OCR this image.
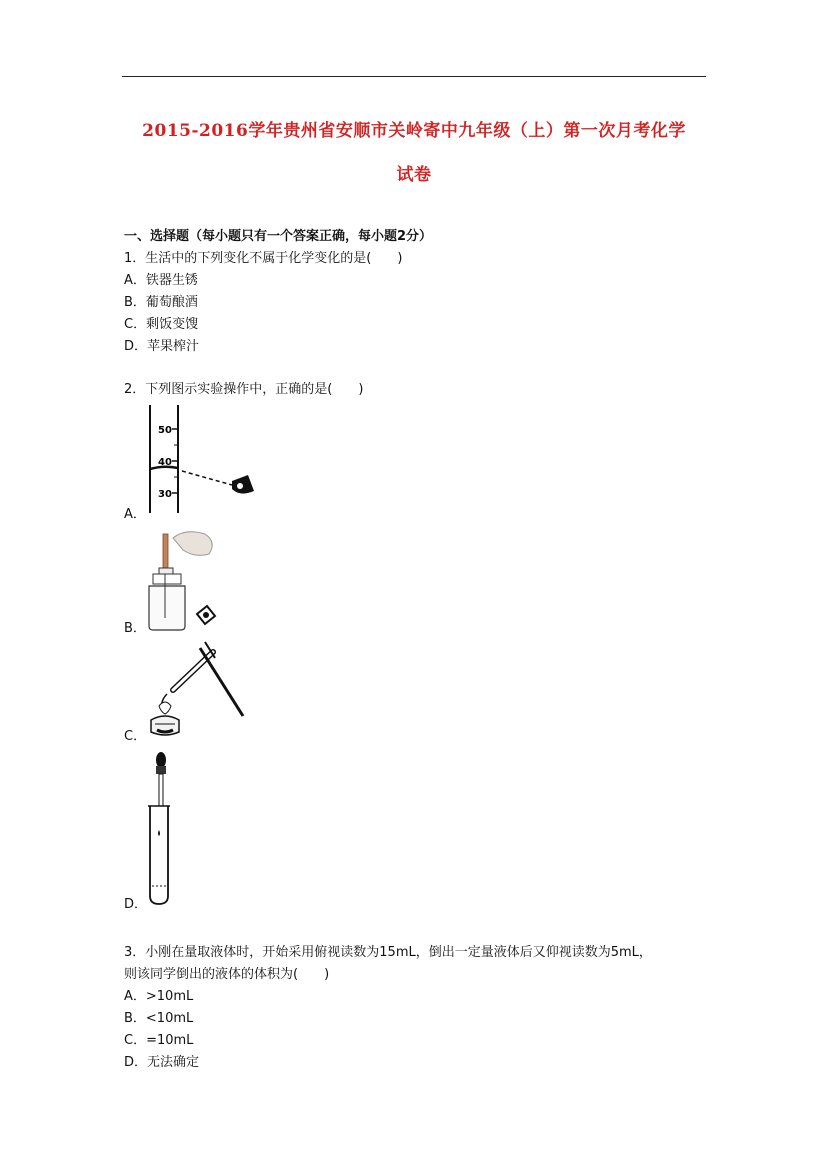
2015-2016学年贵州省安顺市关岭寄中九年级（上）第一次月考化学
试卷
一、选择题（每小题只有一个答案正确，每小题2分）
1．生活中的下列变化不属于化学变化的是(　　)
A．铁器生锈
B．葡萄酿酒
C．剩饭变馊
D．苹果榨汁
2．下列图示实验操作中，正确的是(　　)
50
40
30
A．
B．
C．
D．
3．小刚在量取液体时，开始采用俯视读数为15mL，倒出一定量液体后又仰视读数为5mL，
则该同学倒出的液体的体积为(　　)
A．>10mL
B．<10mL
C．=10mL
D．无法确定
